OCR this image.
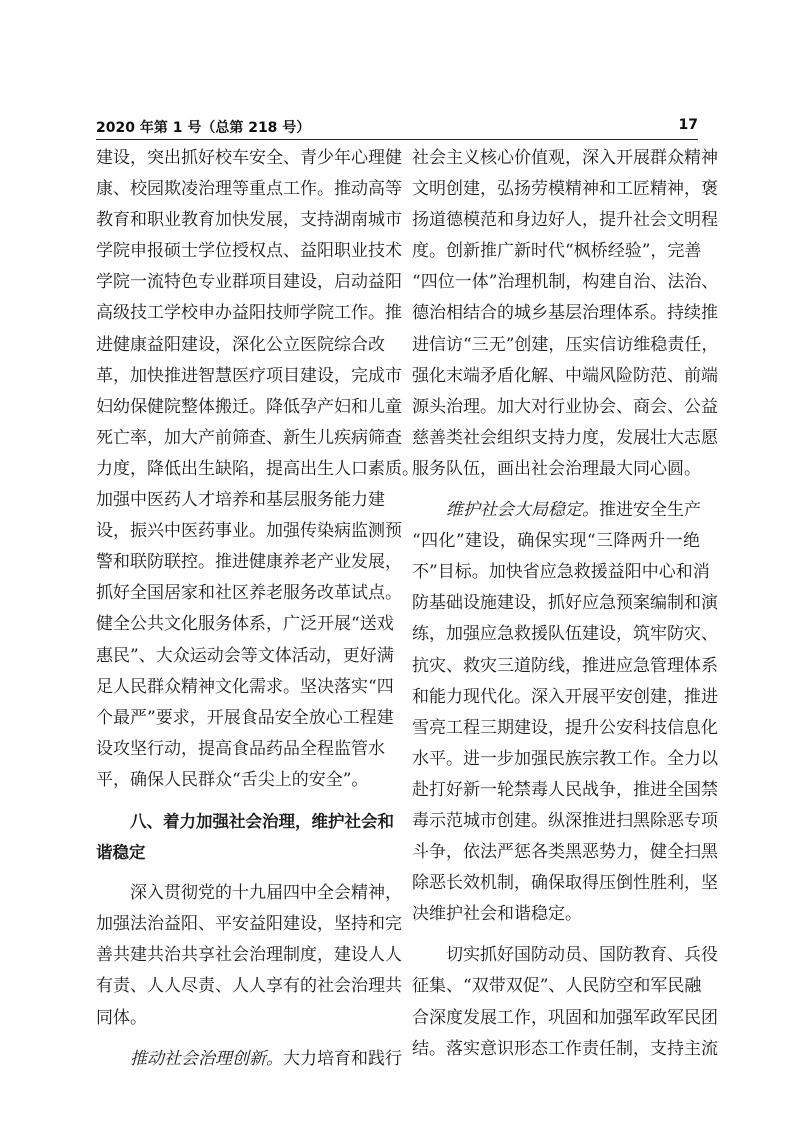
2020 年第 1 号（总第 218 号）	17
建设，突出抓好校车安全、青少年心理健
康、校园欺凌治理等重点工作。推动高等
教育和职业教育加快发展，支持湖南城市
学院申报硕士学位授权点、益阳职业技术
学院一流特色专业群项目建设，启动益阳
高级技工学校申办益阳技师学院工作。推
进健康益阳建设，深化公立医院综合改
革，加快推进智慧医疗项目建设，完成市
妇幼保健院整体搬迁。降低孕产妇和儿童
死亡率，加大产前筛查、新生儿疾病筛查
力度，降低出生缺陷，提高出生人口素质。
加强中医药人才培养和基层服务能力建
设，振兴中医药事业。加强传染病监测预
警和联防联控。推进健康养老产业发展，
抓好全国居家和社区养老服务改革试点。
健全公共文化服务体系，广泛开展“送戏
惠民”、大众运动会等文体活动，更好满
足人民群众精神文化需求。坚决落实“四
个最严”要求，开展食品安全放心工程建
设攻坚行动，提高食品药品全程监管水
平，确保人民群众“舌尖上的安全”。
八、着力加强社会治理，维护社会和
谐稳定
深入贯彻党的十九届四中全会精神，
加强法治益阳、平安益阳建设，坚持和完
善共建共治共享社会治理制度，建设人人
有责、人人尽责、人人享有的社会治理共
同体。
推动社会治理创新。大力培育和践行
社会主义核心价值观，深入开展群众精神
文明创建，弘扬劳模精神和工匠精神，褒
扬道德模范和身边好人，提升社会文明程
度。创新推广新时代“枫桥经验”，完善
“四位一体”治理机制，构建自治、法治、
德治相结合的城乡基层治理体系。持续推
进信访“三无”创建，压实信访维稳责任，
强化末端矛盾化解、中端风险防范、前端
源头治理。加大对行业协会、商会、公益
慈善类社会组织支持力度，发展壮大志愿
服务队伍，画出社会治理最大同心圆。
维护社会大局稳定。推进安全生产
“四化”建设，确保实现“三降两升一绝
不”目标。加快省应急救援益阳中心和消
防基础设施建设，抓好应急预案编制和演
练，加强应急救援队伍建设，筑牢防灾、
抗灾、救灾三道防线，推进应急管理体系
和能力现代化。深入开展平安创建，推进
雪亮工程三期建设，提升公安科技信息化
水平。进一步加强民族宗教工作。全力以
赴打好新一轮禁毒人民战争，推进全国禁
毒示范城市创建。纵深推进扫黑除恶专项
斗争，依法严惩各类黑恶势力，健全扫黑
除恶长效机制，确保取得压倒性胜利，坚
决维护社会和谐稳定。
切实抓好国防动员、国防教育、兵役
征集、“双带双促”、人民防空和军民融
合深度发展工作，巩固和加强军政军民团
结。落实意识形态工作责任制，支持主流
